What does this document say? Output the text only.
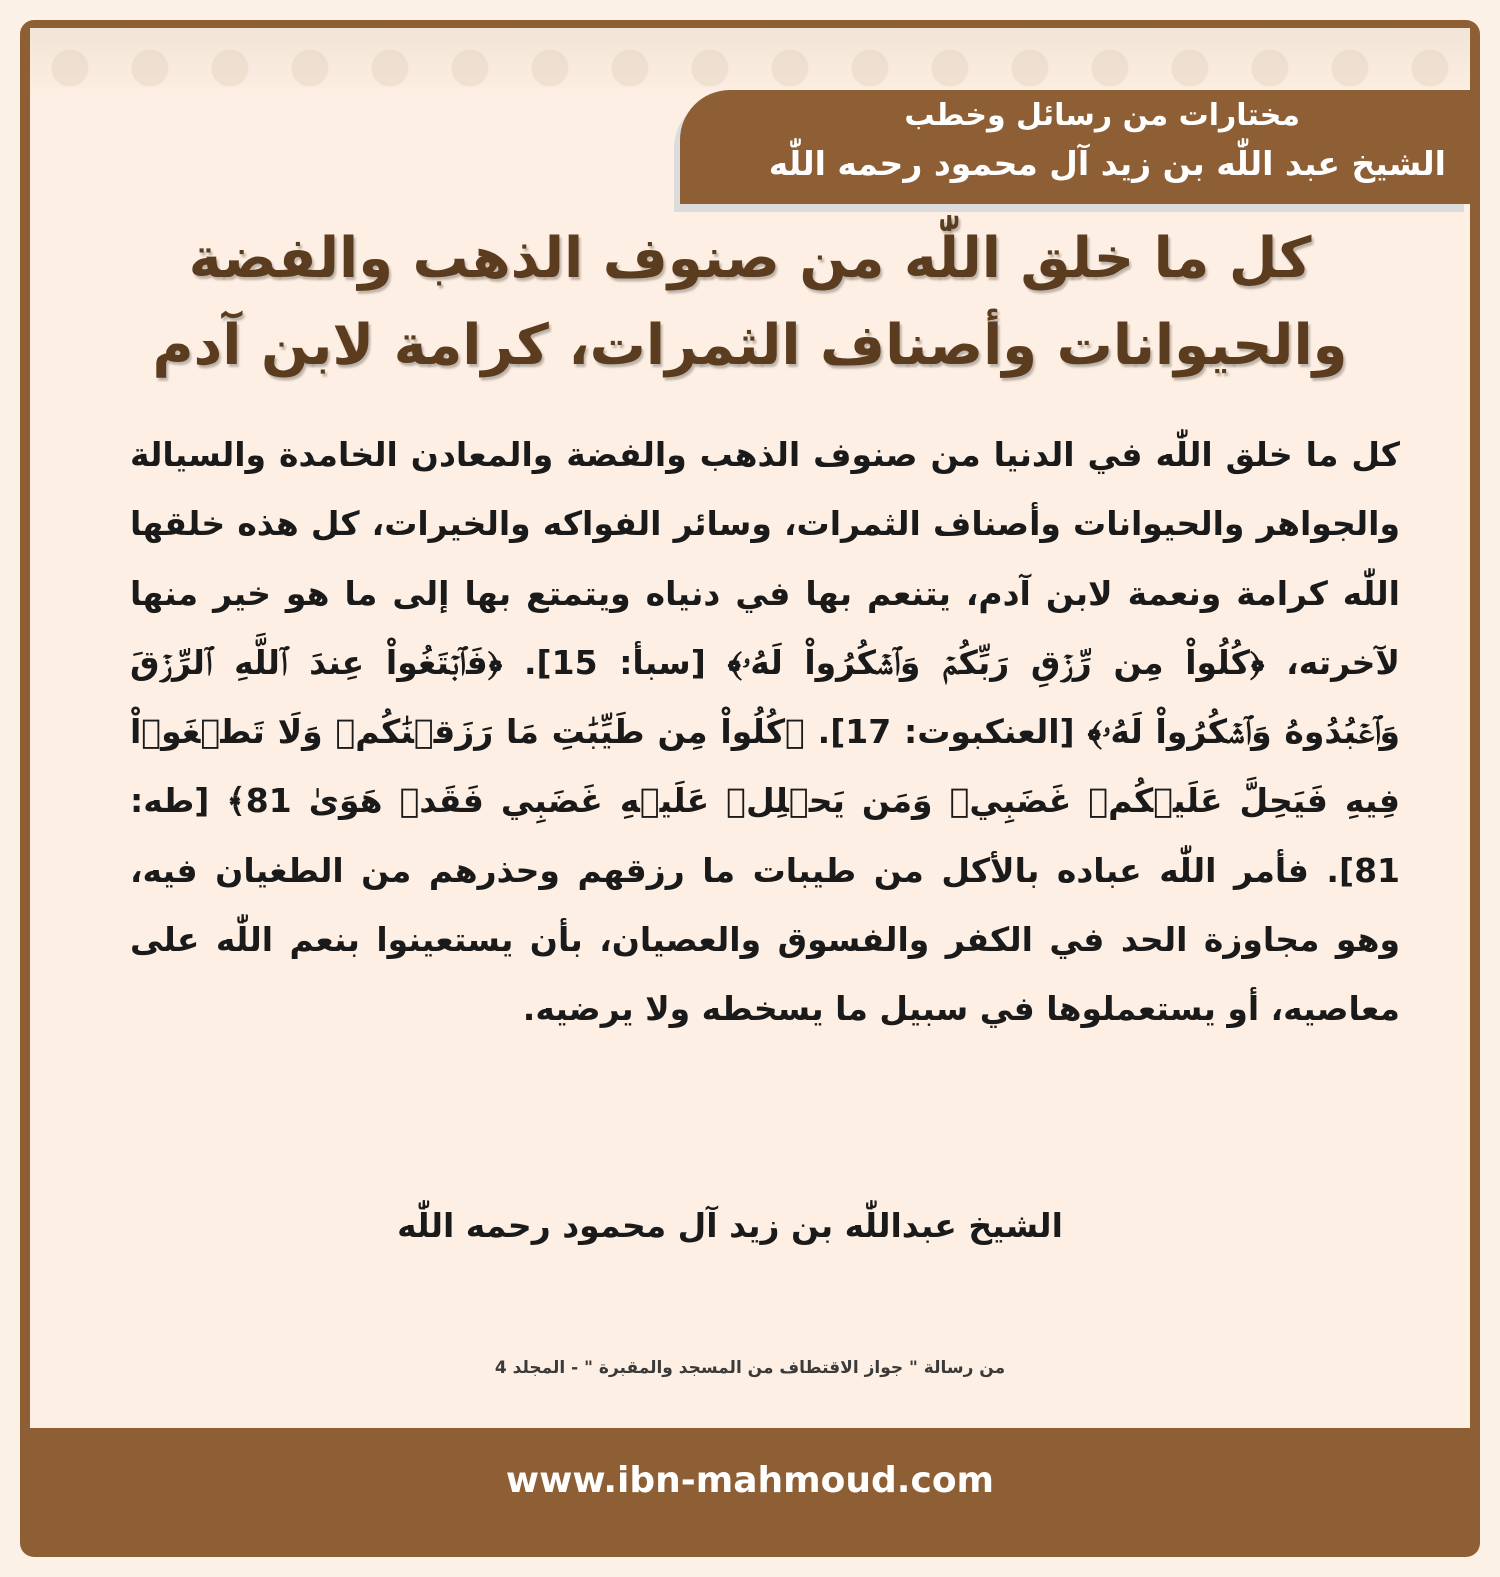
مختارات من رسائل وخطب
الشيخ عبد اللّٰه بن زيد آل محمود رحمه اللّٰه
كل ما خلق اللّٰه من صنوف الذهب والفضة
والحيوانات وأصناف الثمرات، كرامة لابن آدم
كل ما خلق اللّٰه في الدنيا من صنوف الذهب والفضة والمعادن الخامدة والسيالة والجواهر والحيوانات وأصناف الثمرات، وسائر الفواكه والخيرات، كل هذه خلقها اللّٰه كرامة ونعمة لابن آدم، يتنعم بها في دنياه ويتمتع بها إلى ما هو خير منها لآخرته، ﴿كُلُواْ مِن رِّزۡقِ رَبِّكُمۡ وَٱشۡكُرُواْ لَهُۥ﴾ [سبأ: 15]. ﴿فَٱبۡتَغُواْ عِندَ ٱللَّهِ ٱلرِّزۡقَ وَٱعۡبُدُوهُ وَٱشۡكُرُواْ لَهُۥ﴾ [العنكبوت: 17]. ﴿كُلُواْ مِن طَيِّبَٰتِ مَا رَزَقۡنَٰكُمۡ وَلَا تَطۡغَوۡاْ فِيهِ فَيَحِلَّ عَلَيۡكُمۡ غَضَبِيۖ وَمَن يَحۡلِلۡ عَلَيۡهِ غَضَبِي فَقَدۡ هَوَىٰ 81﴾ [طه: 81]. فأمر اللّٰه عباده بالأكل من طيبات ما رزقهم وحذرهم من الطغيان فيه، وهو مجاوزة الحد في الكفر والفسوق والعصيان، بأن يستعينوا بنعم اللّٰه على معاصيه، أو يستعملوها في سبيل ما يسخطه ولا يرضيه.
الشيخ عبداللّٰه بن زيد آل محمود رحمه اللّٰه
من رسالة " جواز الاقتطاف من المسجد والمقبرة " - المجلد 4
www.ibn-mahmoud.com
